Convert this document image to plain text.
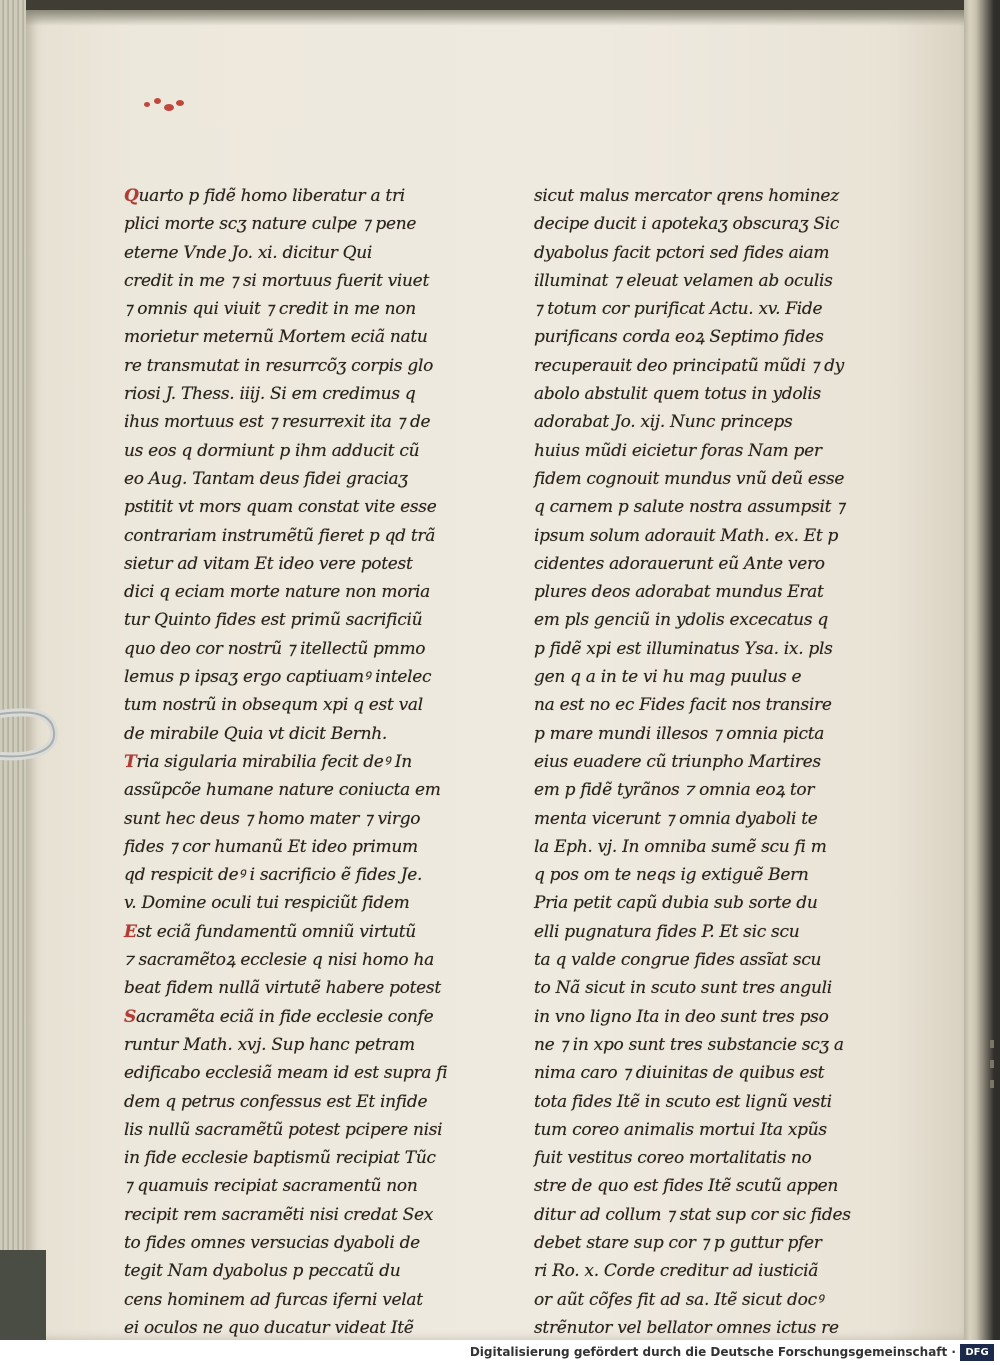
Quarto p fidẽ homo liberatur a tri
plici morte scʒ nature culpe ⁊ pene
eterne Vnde Jo. xi. dicitur Qui
credit in me ⁊ si mortuus fuerit viuet
⁊ omnis qui viuit ⁊ credit in me non
morietur meternũ Mortem eciã natu
re transmutat in resurrcõʒ corpis glo
riosi J. Thess. iiij. Si em credimus q
ihus mortuus est ⁊ resurrexit ita ⁊ de
us eos q dormiunt p ihm adducit cũ
eo Aug. Tantam deus fidei graciaʒ
pstitit vt mors quam constat vite esse
contrariam instrumẽtũ fieret p qd trã
sietur ad vitam Et ideo vere potest
dici q eciam morte nature non moria
tur Quinto fides est primũ sacrificiũ
quo deo cor nostrũ ⁊ itellectũ pmmo
lemus p ipsaʒ ergo captiuamꝰ intelec
tum nostrũ in obsequm xpi q est val
de mirabile Quia vt dicit Bernh.
Tria sigularia mirabilia fecit deꝰ In
assũpcõe humane nature coniucta em
sunt hec deus ⁊ homo mater ⁊ virgo
fides ⁊ cor humanũ Et ideo primum
qd respicit deꝰ i sacrificio ẽ fides Je.
v. Domine oculi tui respiciũt fidem
Est eciã fundamentũ omniũ virtutũ
⁊ sacramẽtoꝝ ecclesie q nisi homo ha
beat fidem nullã virtutẽ habere potest
Sacramẽta eciã in fide ecclesie confe
runtur Math. xvj. Sup hanc petram
edificabo ecclesiã meam id est supra fi
dem q petrus confessus est Et infide
lis nullũ sacramẽtũ potest pcipere nisi
in fide ecclesie baptismũ recipiat Tũc
⁊ quamuis recipiat sacramentũ non
recipit rem sacramẽti nisi credat Sex
to fides omnes versucias dyaboli de
tegit Nam dyabolus p peccatũ du
cens hominem ad furcas iferni velat
ei oculos ne quo ducatur videat Itẽ
sicut malus mercator qrens hominez
decipe ducit i apotekaʒ obscuraʒ Sic
dyabolus facit pctori sed fides aiam
illuminat ⁊ eleuat velamen ab oculis
⁊ totum cor purificat Actu. xv. Fide
purificans corda eoꝝ Septimo fides
recuperauit deo principatũ mũdi ⁊ dy
abolo abstulit quem totus in ydolis
adorabat Jo. xij. Nunc princeps
huius mũdi eicietur foras Nam per
fidem cognouit mundus vnũ deũ esse
q carnem p salute nostra assumpsit ⁊
ipsum solum adorauit Math. ex. Et p
cidentes adorauerunt eũ Ante vero
plures deos adorabat mundus Erat
em pls genciũ in ydolis excecatus q
p fidẽ xpi est illuminatus Ysa. ix. pls
gen q a in te vi hu mag puulus e
na est no ec Fides facit nos transire
p mare mundi illesos ⁊ omnia picta
eius euadere cũ triunpho Martires
em p fidẽ tyrãnos ⁊ omnia eoꝝ tor
menta vicerunt ⁊ omnia dyaboli te
la Eph. vj. In omniba sumẽ scu fi m
q pos om te neqs ig extiguẽ Bern
Pria petit capũ dubia sub sorte du
elli pugnatura fides P. Et sic scu
ta q valde congrue fides assĩat scu
to Nã sicut in scuto sunt tres anguli
in vno ligno Ita in deo sunt tres pso
ne ⁊ in xpo sunt tres substancie scʒ a
nima caro ⁊ diuinitas de quibus est
tota fides Itẽ in scuto est lignũ vesti
tum coreo animalis mortui Ita xpũs
fuit vestitus coreo mortalitatis no
stre de quo est fides Itẽ scutũ appen
ditur ad collum ⁊ stat sup cor sic fides
debet stare sup cor ⁊ p guttur pfer
ri Ro. x. Corde creditur ad iusticiã
or aũt cõfes fit ad sa. Itẽ sicut docꝰ
strẽnutor vel bellator omnes ictus re
Digitalisierung gefördert durch die Deutsche Forschungsgemeinschaft · DFG
